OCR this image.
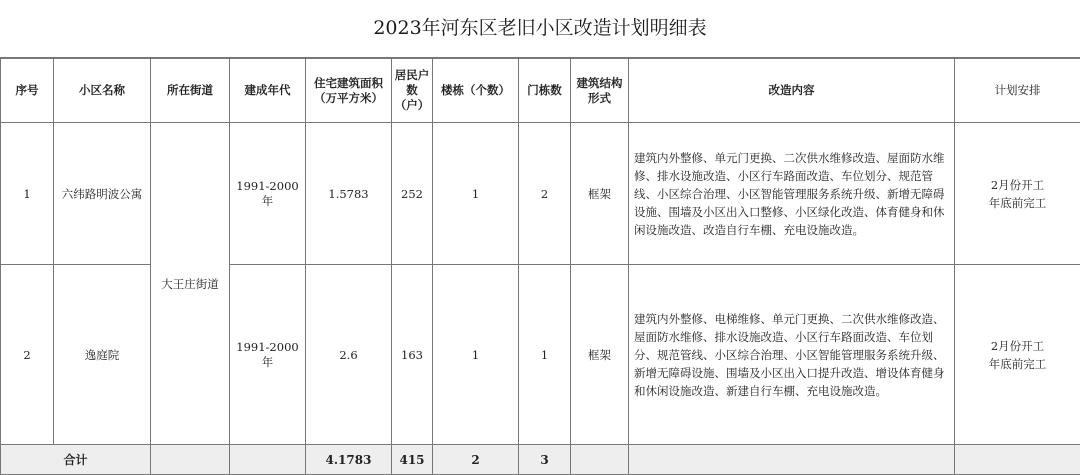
2023年河东区老旧小区改造计划明细表
序号	小区名称	所在街道	建成年代	住宅建筑面积（万平方米）	居民户数（户）	楼栋（个数）	门栋数	建筑结构形式	改造内容	计划安排
1	六纬路明波公寓	大王庄街道	1991-2000年	1.5783	252	1	2	框架	建筑内外整修、单元门更换、二次供水维修改造、屋面防水维修、排水设施改造、小区行车路面改造、车位划分、规范管线、小区综合治理、小区智能管理服务系统升级、新增无障碍设施、围墙及小区出入口整修、小区绿化改造、体育健身和休闲设施改造、改造自行车棚、充电设施改造。	2月份开工
年底前完工
2	逸庭院		1991-2000年	2.6	163	1	1	框架	建筑内外整修、电梯维修、单元门更换、二次供水维修改造、屋面防水维修、排水设施改造、小区行车路面改造、车位划分、规范管线、小区综合治理、小区智能管理服务系统升级、新增无障碍设施、围墙及小区出入口提升改造、增设体育健身和休闲设施改造、新建自行车棚、充电设施改造。	2月份开工
年底前完工
合计				4.1783	415	2	3			
